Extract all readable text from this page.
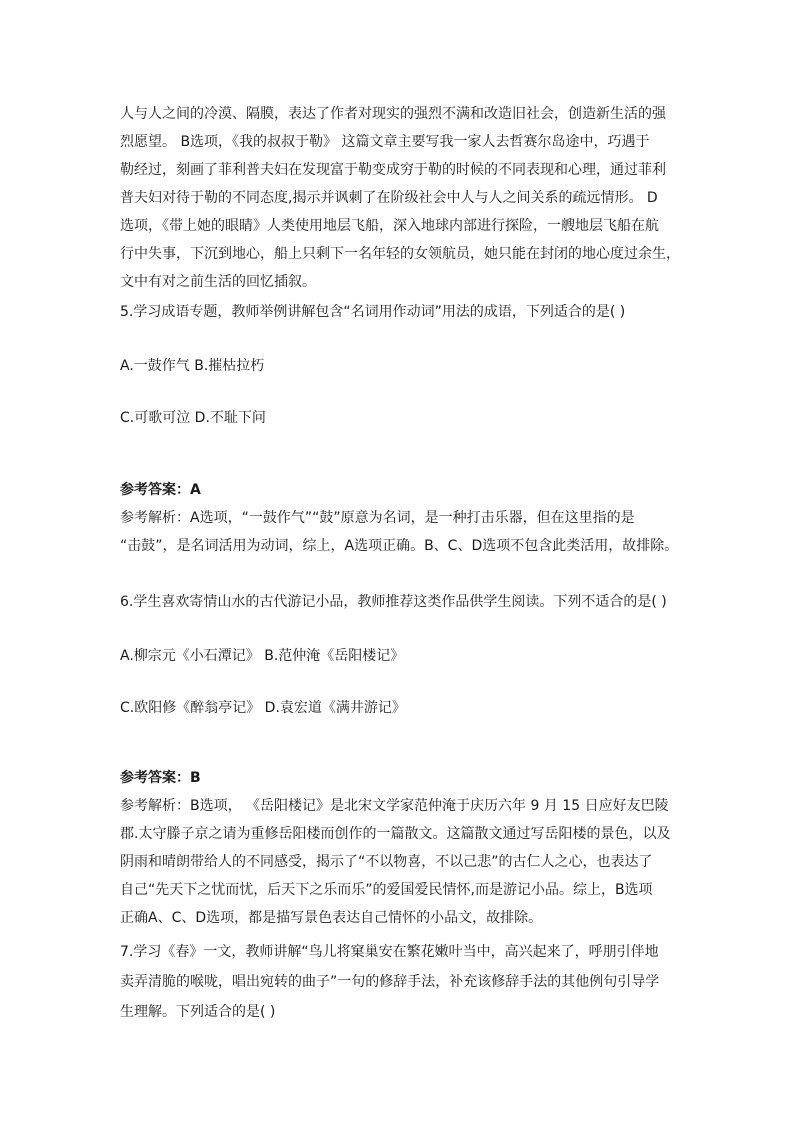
人与人之间的冷漠、隔膜，表达了作者对现实的强烈不满和改造旧社会，创造新生活的强
烈愿望。 B选项，《我的叔叔于勒》 这篇文章主要写我一家人去哲赛尔岛途中，巧遇于
勒经过，刻画了菲利普夫妇在发现富于勒变成穷于勒的时候的不同表现和心理，通过菲利
普夫妇对待于勒的不同态度,揭示并讽刺了在阶级社会中人与人之间关系的疏远情形。 D
选项，《带上她的眼睛》人类使用地层飞船，深入地球内部进行探险，一艘地层飞船在航
行中失事，下沉到地心，船上只剩下一名年轻的女领航员，她只能在封闭的地心度过余生，
文中有对之前生活的回忆插叙。
5.学习成语专题，教师举例讲解包含“名词用作动词”用法的成语，下列适合的是( )
A.一鼓作气 B.摧枯拉朽
C.可歌可泣 D.不耻下问
参考答案：A
参考解析：A选项，“一鼓作气”“鼓”原意为名词，是一种打击乐器，但在这里指的是
“击鼓”，是名词活用为动词，综上，A选项正确。B、C、D选项不包含此类活用，故排除。
6.学生喜欢寄情山水的古代游记小品，教师推荐这类作品供学生阅读。下列不适合的是( )
A.柳宗元《小石潭记》 B.范仲淹《岳阳楼记》
C.欧阳修《醉翁亭记》 D.袁宏道《满井游记》
参考答案：B
参考解析：B选项， 《岳阳楼记》是北宋文学家范仲淹于庆历六年 9 月 15 日应好友巴陵
郡.太守滕子京之请为重修岳阳楼而创作的一篇散文。这篇散文通过写岳阳楼的景色，以及
阴雨和晴朗带给人的不同感受，揭示了“不以物喜，不以己悲”的古仁人之心，也表达了
自己“先天下之忧而忧，后天下之乐而乐”的爱国爱民情怀,而是游记小品。综上，B选项
正确A、C、D选项，都是描写景色表达自己情怀的小品文，故排除。
7.学习《春》一文，教师讲解“鸟儿将窠巢安在繁花嫩叶当中，高兴起来了，呼朋引伴地
卖弄清脆的喉咙，唱出宛转的曲子”一句的修辞手法，补充该修辞手法的其他例句引导学
生理解。下列适合的是( )
